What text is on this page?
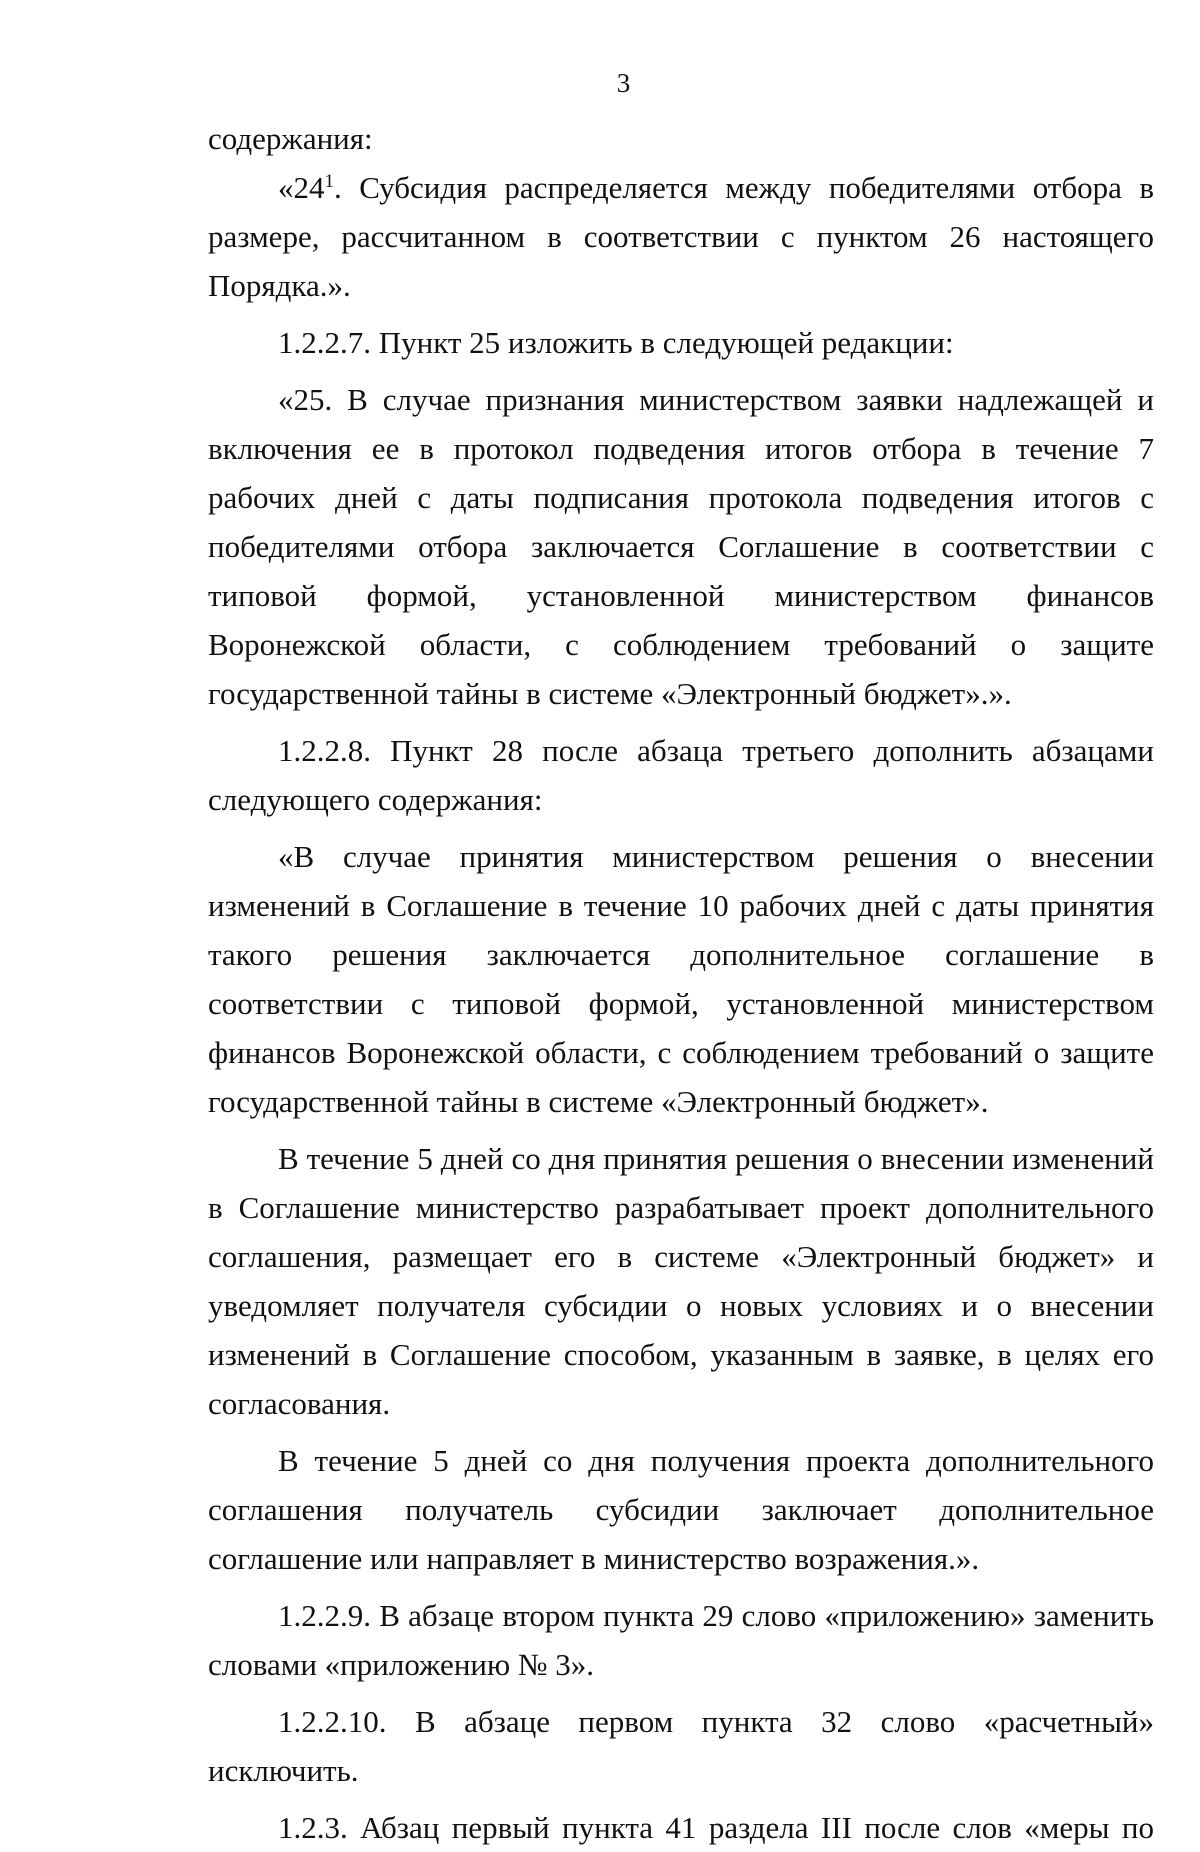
3

содержания:

«$24^1$. Субсидия распределяется между победителями отбора в размере, рассчитанном в соответствии с пунктом 26 настоящего Порядка.».

1.2.2.7. Пункт 25 изложить в следующей редакции:

«25. В случае признания министерством заявки надлежащей и включения ее в протокол подведения итогов отбора в течение 7 рабочих дней с даты подписания протокола подведения итогов с победителями отбора заключается Соглашение в соответствии с типовой формой, установленной министерством финансов Воронежской области, с соблюдением требований о защите государственной тайны в системе «Электронный бюджет».».

1.2.2.8. Пункт 28 после абзаца третьего дополнить абзацами следующего содержания:

«В случае принятия министерством решения о внесении изменений в Соглашение в течение 10 рабочих дней с даты принятия такого решения заключается дополнительное соглашение в соответствии с типовой формой, установленной министерством финансов Воронежской области, с соблюдением требований о защите государственной тайны в системе «Электронный бюджет».

В течение 5 дней со дня принятия решения о внесении изменений в Соглашение министерство разрабатывает проект дополнительного соглашения, размещает его в системе «Электронный бюджет» и уведомляет получателя субсидии о новых условиях и о внесении изменений в Соглашение способом, указанным в заявке, в целях его согласования.

В течение 5 дней со дня получения проекта дополнительного соглашения получатель субсидии заключает дополнительное соглашение или направляет в министерство возражения.».

1.2.2.9. В абзаце втором пункта 29 слово «приложению» заменить словами «приложению № 3».

1.2.2.10. В абзаце первом пункта 32 слово «расчетный» исключить.

1.2.3. Абзац первый пункта 41 раздела III после слов «меры по
